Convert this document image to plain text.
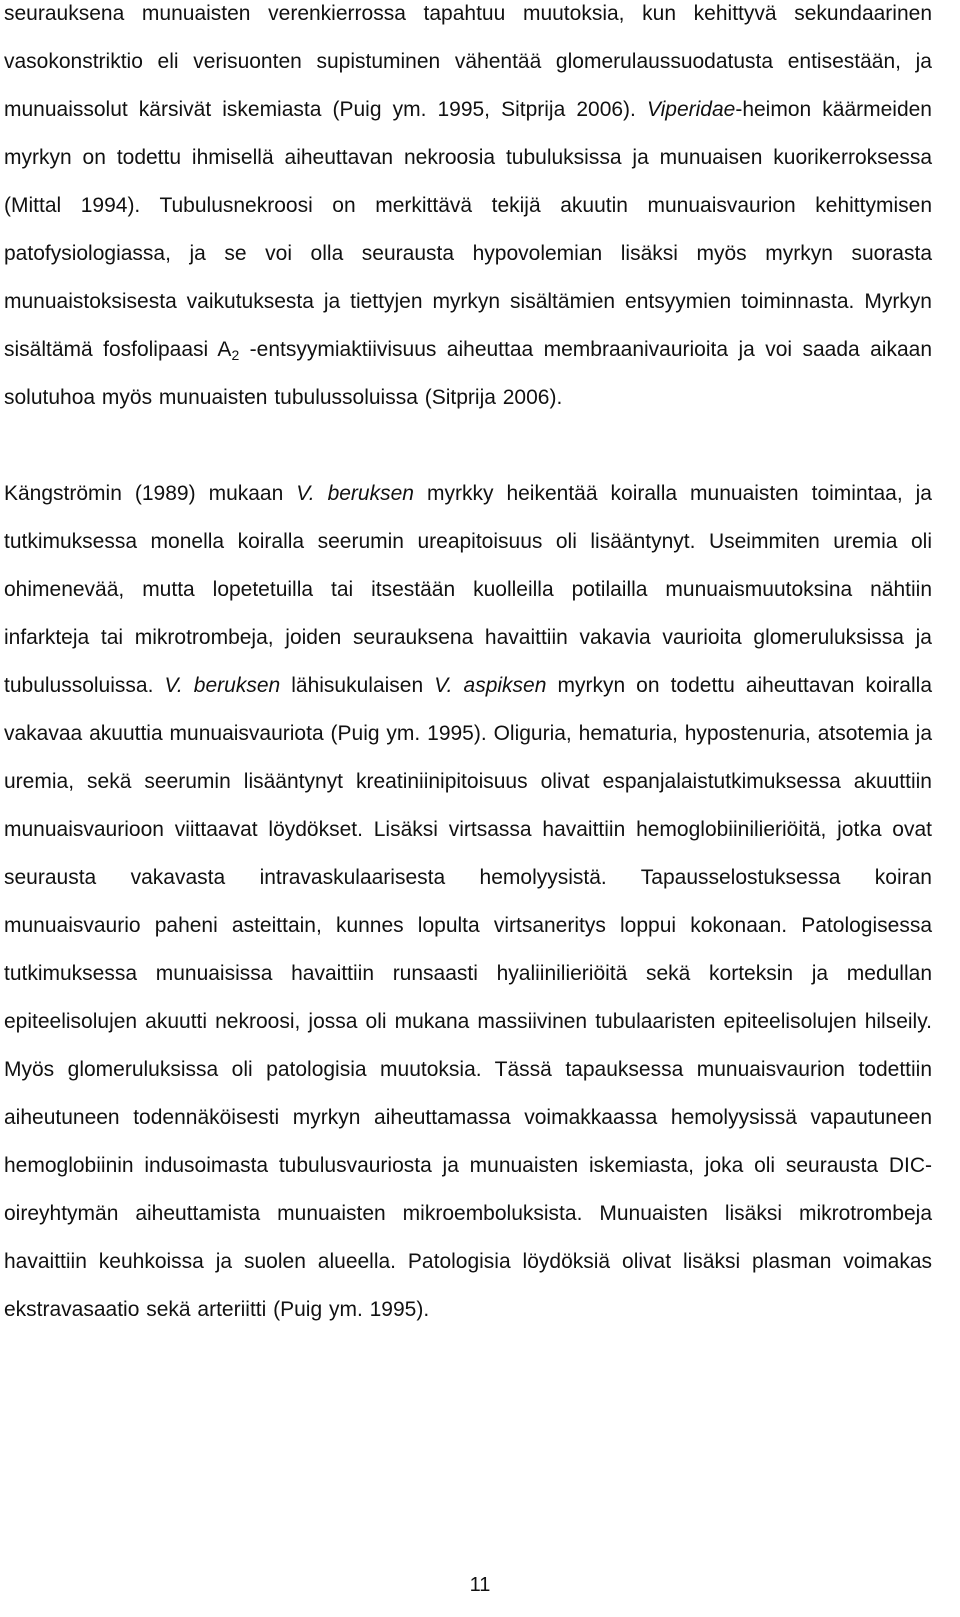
seurauksena munuaisten verenkierrossa tapahtuu muutoksia, kun kehittyvä sekundaarinen vasokonstriktio eli verisuonten supistuminen vähentää glomerulaussuodatusta entisestään, ja munuaissolut kärsivät iskemiasta (Puig ym. 1995, Sitprija 2006). Viperidae-heimon käärmeiden myrkyn on todettu ihmisellä aiheuttavan nekroosia tubuluksissa ja munuaisen kuorikerroksessa (Mittal 1994). Tubulusnekroosi on merkittävä tekijä akuutin munuaisvaurion kehittymisen patofysiologiassa, ja se voi olla seurausta hypovolemian lisäksi myös myrkyn suorasta munuaistoksisesta vaikutuksesta ja tiettyjen myrkyn sisältämien entsyymien toiminnasta. Myrkyn sisältämä fosfolipaasi $A_2$ -entsyymiaktiivisuus aiheuttaa membraanivaurioita ja voi saada aikaan solutuhoa myös munuaisten tubulussoluissa (Sitprija 2006).

Kängströmin (1989) mukaan V. beruksen myrkky heikentää koiralla munuaisten toimintaa, ja tutkimuksessa monella koiralla seerumin ureapitoisuus oli lisääntynyt. Useimmiten uremia oli ohimenevää, mutta lopetetuilla tai itsestään kuolleilla potilailla munuaismuutoksina nähtiin infarkteja tai mikrotrombeja, joiden seurauksena havaittiin vakavia vaurioita glomeruluksissa ja tubulussoluissa. V. beruksen lähisukulaisen V. aspiksen myrkyn on todettu aiheuttavan koiralla vakavaa akuuttia munuaisvauriota (Puig ym. 1995). Oliguria, hematuria, hypostenuria, atsotemia ja uremia, sekä seerumin lisääntynyt kreatiniinipitoisuus olivat espanjalaistutkimuksessa akuuttiin munuaisvaurioon viittaavat löydökset. Lisäksi virtsassa havaittiin hemoglobiinilieriöitä, jotka ovat seurausta vakavasta intravaskulaarisesta hemolyysistä. Tapausselostuksessa koiran munuaisvaurio paheni asteittain, kunnes lopulta virtsaneritys loppui kokonaan. Patologisessa tutkimuksessa munuaisissa havaittiin runsaasti hyaliinilieriöitä sekä korteksin ja medullan epiteelisolujen akuutti nekroosi, jossa oli mukana massiivinen tubulaaristen epiteelisolujen hilseily. Myös glomeruluksissa oli patologisia muutoksia. Tässä tapauksessa munuaisvaurion todettiin aiheutuneen todennäköisesti myrkyn aiheuttamassa voimakkaassa hemolyysissä vapautuneen hemoglobiinin indusoimasta tubulusvauriosta ja munuaisten iskemiasta, joka oli seurausta DIC-oireyhtymän aiheuttamista munuaisten mikroemboluksista. Munuaisten lisäksi mikrotrombeja havaittiin keuhkoissa ja suolen alueella. Patologisia löydöksiä olivat lisäksi plasman voimakas ekstravasaatio sekä arteriitti (Puig ym. 1995).

11
